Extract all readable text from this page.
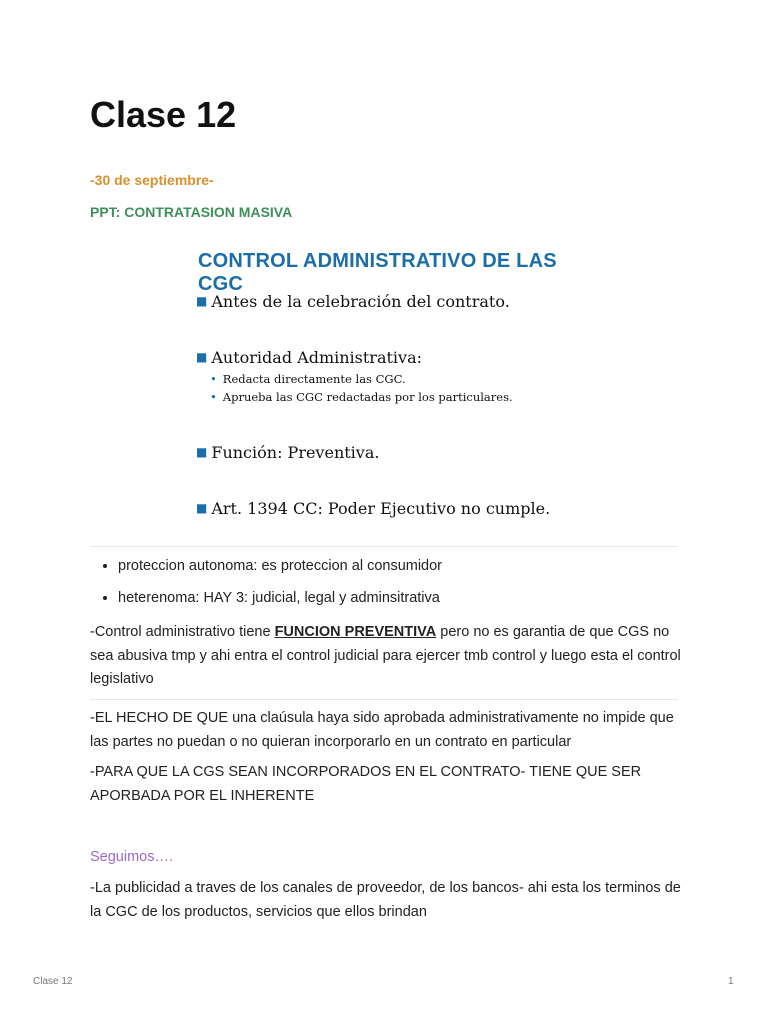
Clase 12
-30 de septiembre-
PPT: CONTRATASION MASIVA
CONTROL ADMINISTRATIVO DE LAS CGC
■ Antes de la celebración del contrato.
■ Autoridad Administrativa:
• Redacta directamente las CGC.
• Aprueba las CGC redactadas por los particulares.
■ Función: Preventiva.
■ Art. 1394 CC: Poder Ejecutivo no cumple.
• proteccion autonoma: es proteccion al consumidor
• heterenoma: HAY 3: judicial, legal y adminsitrativa

-Control administrativo tiene FUNCION PREVENTIVA pero no es garantia de que CGS no sea abusiva tmp y ahi entra el control judicial para ejercer tmb control y luego esta el control legislativo

-EL HECHO DE QUE una claúsula haya sido aprobada administrativamente no impide que las partes no puedan o no quieran incorporarlo en un contrato en particular

-PARA QUE LA CGS SEAN INCORPORADOS EN EL CONTRATO- TIENE QUE SER APORBADA POR EL INHERENTE

Seguimos….

-La publicidad a traves de los canales de proveedor, de los bancos- ahi esta los terminos de la CGC de los productos, servicios que ellos brindan

Clase 12	1
